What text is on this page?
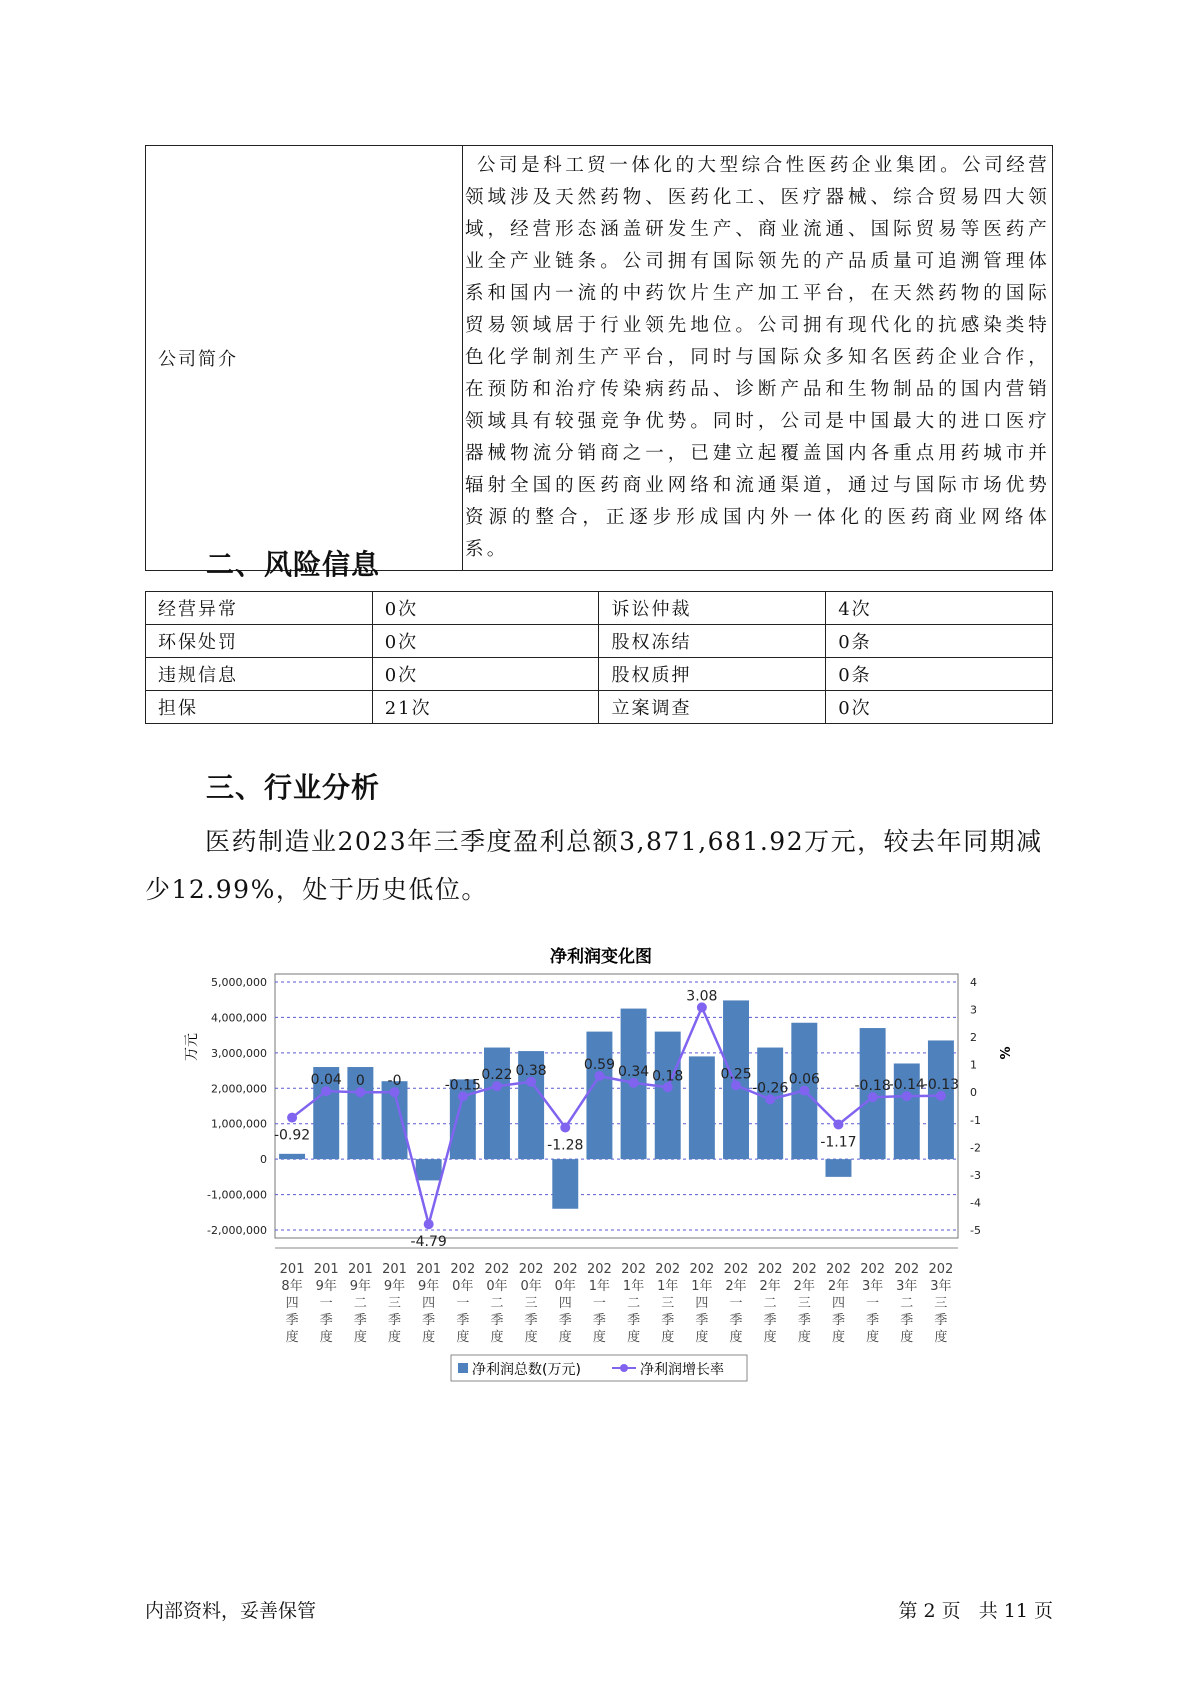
公司简介	公司是科工贸一体化的大型综合性医药企业集团。公司经营领域涉及天然药物、医药化工、医疗器械、综合贸易四大领域，经营形态涵盖研发生产、商业流通、国际贸易等医药产业全产业链条。公司拥有国际领先的产品质量可追溯管理体系和国内一流的中药饮片生产加工平台，在天然药物的国际贸易领域居于行业领先地位。公司拥有现代化的抗感染类特色化学制剂生产平台，同时与国际众多知名医药企业合作，在预防和治疗传染病药品、诊断产品和生物制品的国内营销领域具有较强竞争优势。同时，公司是中国最大的进口医疗器械物流分销商之一，已建立起覆盖国内各重点用药城市并辐射全国的医药商业网络和流通渠道，通过与国际市场优势资源的整合，正逐步形成国内外一体化的医药商业网络体系。
二、风险信息
经营异常	0次	诉讼仲裁	4次
环保处罚	0次	股权冻结	0条
违规信息	0次	股权质押	0条
担保	21次	立案调查	0次
三、行业分析
医药制造业2023年三季度盈利总额3,871,681.92万元，较去年同期减少12.99%，处于历史低位。
净利润变化图
5,000,000
4,000,000
3,000,000
2,000,000
1,000,000
0
-1,000,000
-2,000,000
4
3
2
1
0
-1
-2
-3
-4
-5
-0.92
0.04 0 -0
-4.79
-0.15
0.22 0.38
-1.28
0.59 0.34 0.18
3.08
0.25
-0.26
0.06
-1.17
-0.18
-0.14
-0.13
201
8年
四
季
度
201
9年
一
季
度
201
9年
二
季
度
201
9年
三
季
度
201
9年
四
季
度
202
0年
一
季
度
202
0年
二
季
度
202
0年
三
季
度
202
0年
四
季
度
202
1年
一
季
度
202
1年
二
季
度
202
1年
三
季
度
202
1年
四
季
度
202
2年
一
季
度
202
2年
二
季
度
202
2年
三
季
度
202
2年
四
季
度
202
3年
一
季
度
202
3年
二
季
度
202
3年
三
季
度
万元	%
净利润总数(万元)	净利润增长率
内部资料，妥善保管	第 2 页   共 11 页
